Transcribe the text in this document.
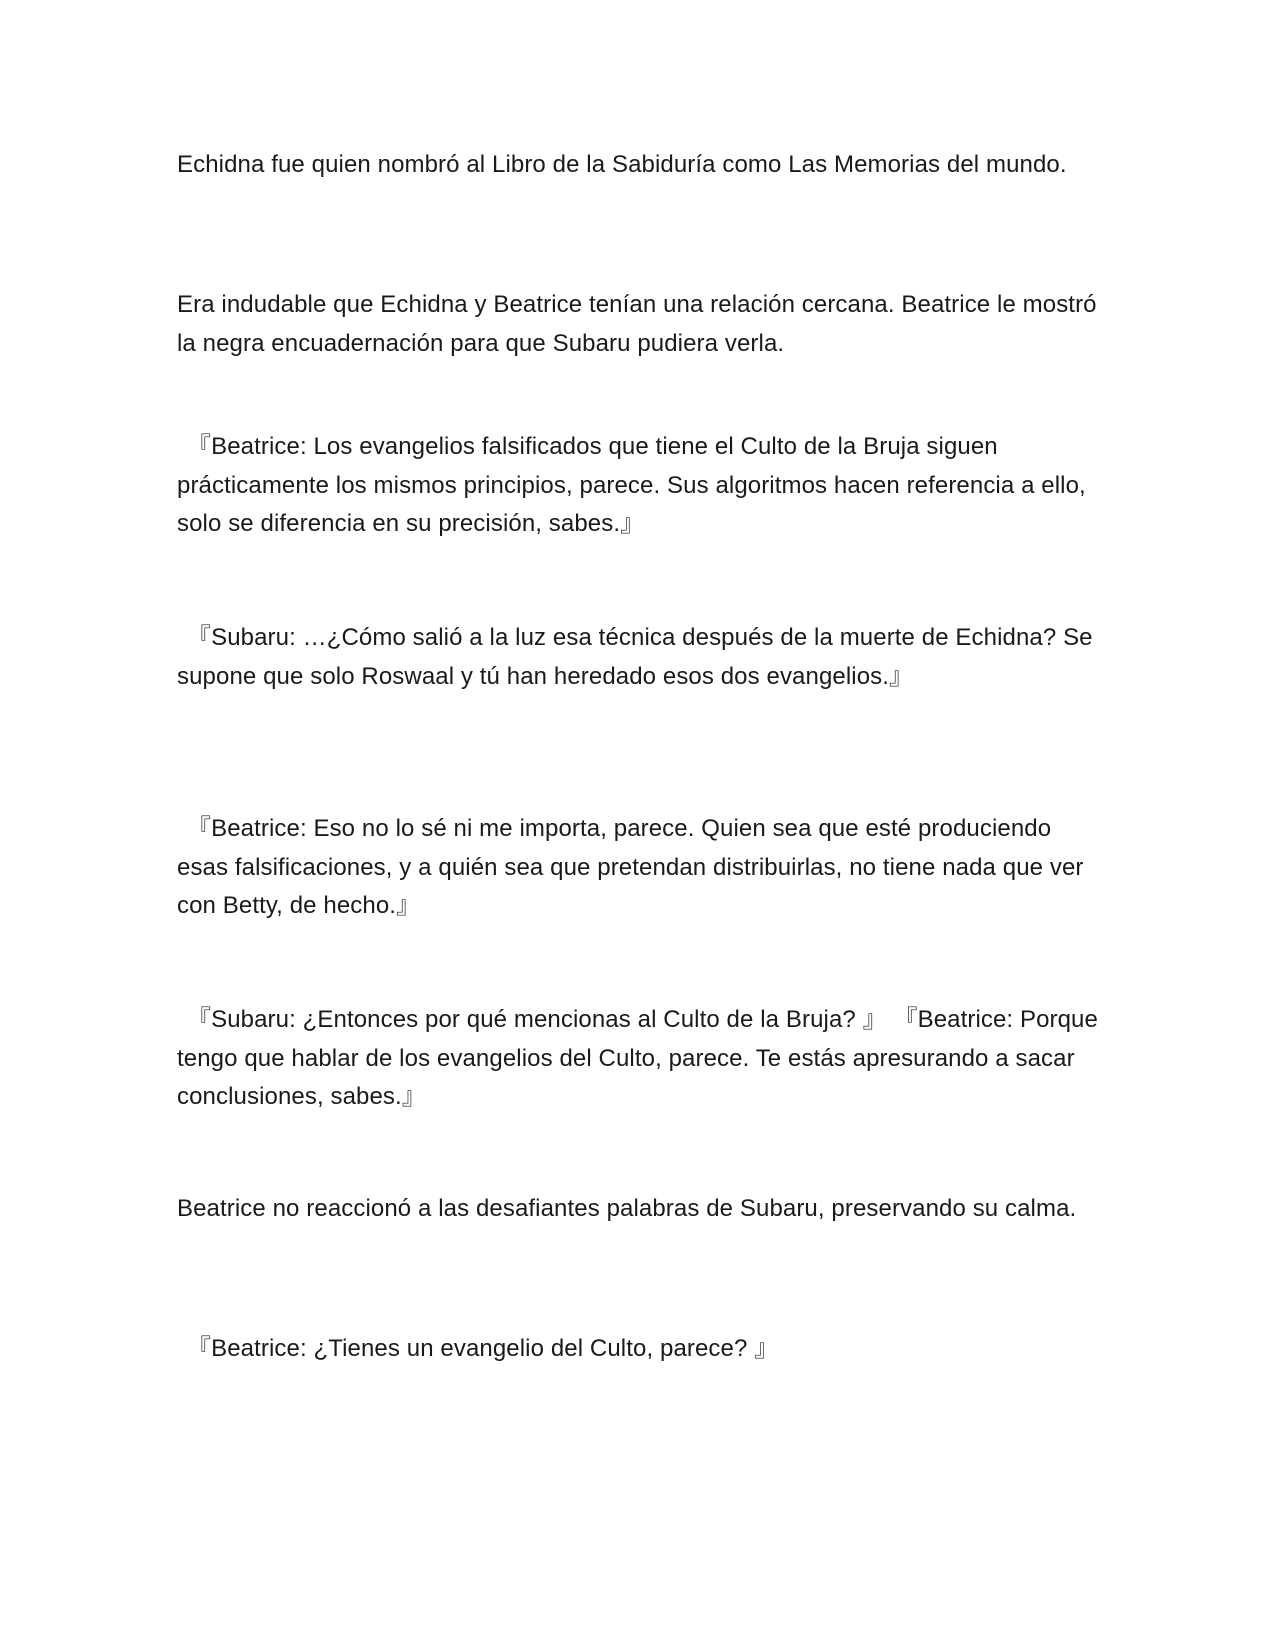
Echidna fue quien nombró al Libro de la Sabiduría como Las Memorias del mundo.

Era indudable que Echidna y Beatrice tenían una relación cercana. Beatrice le mostró la negra encuadernación para que Subaru pudiera verla.

『Beatrice: Los evangelios falsificados que tiene el Culto de la Bruja siguen prácticamente los mismos principios, parece. Sus algoritmos hacen referencia a ello, solo se diferencia en su precisión, sabes.』

『Subaru: …¿Cómo salió a la luz esa técnica después de la muerte de Echidna? Se supone que solo Roswaal y tú han heredado esos dos evangelios.』

『Beatrice: Eso no lo sé ni me importa, parece. Quien sea que esté produciendo esas falsificaciones, y a quién sea que pretendan distribuirlas, no tiene nada que ver con Betty, de hecho.』

『Subaru: ¿Entonces por qué mencionas al Culto de la Bruja? 』 『Beatrice: Porque tengo que hablar de los evangelios del Culto, parece. Te estás apresurando a sacar conclusiones, sabes.』

Beatrice no reaccionó a las desafiantes palabras de Subaru, preservando su calma.

『Beatrice: ¿Tienes un evangelio del Culto, parece? 』
